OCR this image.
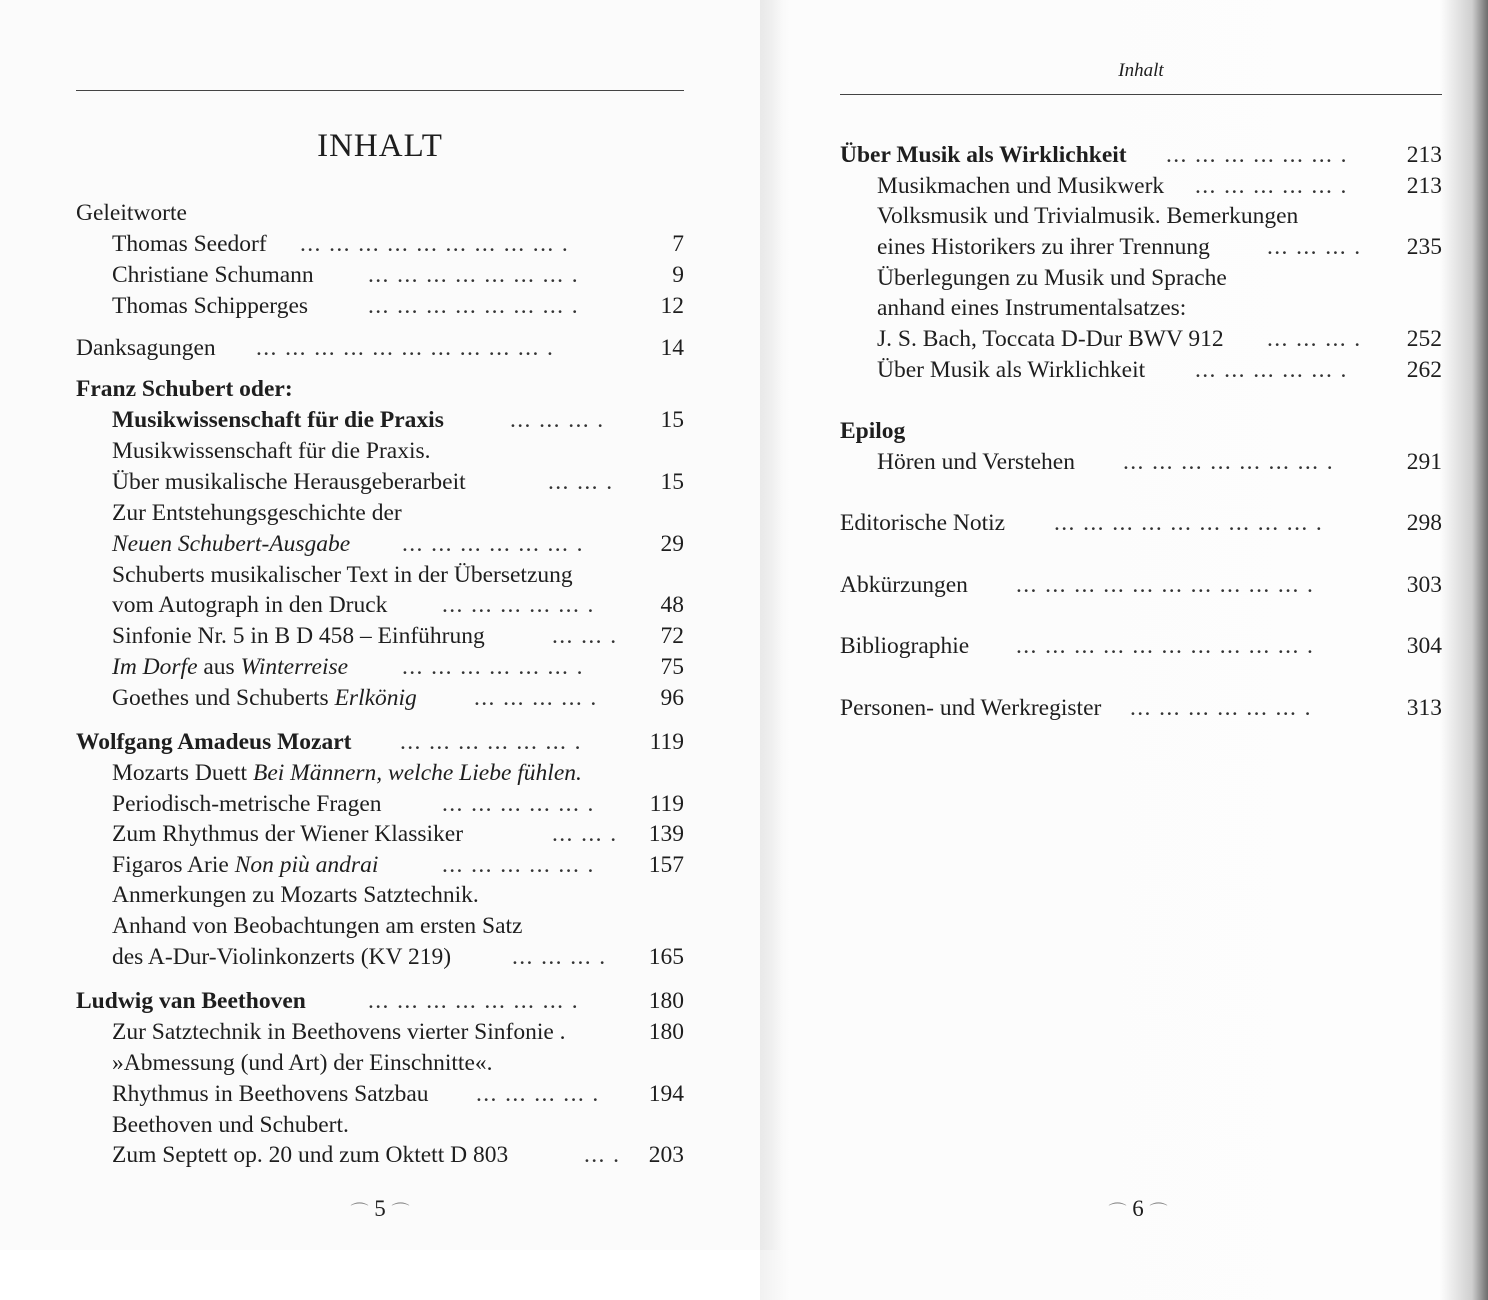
INHALT
Geleitworte
Thomas Seedorf ... ... ... ... ... ... ... ... ... .	7
Christiane Schumann ... ... ... ... ... ... ... .	9
Thomas Schipperges	... ... ... ... ... ... ... .	12
Danksagungen ... ... ... ... ... ... ... ... ... ... .	14
Franz Schubert oder:
Musikwissenschaft für die Praxis	... ... ... .	15
Musikwissenschaft für die Praxis.
Über musikalische Herausgeberarbeit	... ... .	15
Zur Entstehungsgeschichte der
Neuen Schubert-Ausgabe ... ... ... ... ... ... .	29
Schuberts musikalischer Text in der Übersetzung
vom Autograph in den Druck ... ... ... ... ... .	48
Sinfonie Nr. 5 in B D 458 – Einführung	... ... .	72
Im Dorfe aus Winterreise ... ... ... ... ... ... .	75
Goethes und Schuberts Erlkönig ... ... ... ... .	96
Wolfgang Amadeus Mozart ... ... ... ... ... ... .	119
Mozarts Duett Bei Männern, welche Liebe fühlen.
Periodisch-metrische Fragen	... ... ... ... ... .	119
Zum Rhythmus der Wiener Klassiker	... ... .	139
Figaros Arie Non più andrai	... ... ... ... ... .	157
Anmerkungen zu Mozarts Satztechnik.
Anhand von Beobachtungen am ersten Satz
des A-Dur-Violinkonzerts (KV 219)	... ... ... .	165
Ludwig van Beethoven	... ... ... ... ... ... ... .	180
Zur Satztechnik in Beethovens vierter Sinfonie .	180
»Abmessung (und Art) der Einschnitte«.
Rhythmus in Beethovens Satzbau ... ... ... ... .	194
Beethoven und Schubert.
Zum Septett op. 20 und zum Oktett D 803	... .	203
⌒ 5 ⌒
Inhalt
Über Musik als Wirklichkeit ... ... ... ... ... ... .	213
Musikmachen und Musikwerk ... ... ... ... ... .	213
Volksmusik und Trivialmusik. Bemerkungen
eines Historikers zu ihrer Trennung ... ... ... .	235
Überlegungen zu Musik und Sprache
anhand eines Instrumentalsatzes:
J. S. Bach, Toccata D-Dur BWV 912 ... ... ... .	252
Über Musik als Wirklichkeit ... ... ... ... ... .	262
Epilog
Hören und Verstehen ... ... ... ... ... ... ... .	291
Editorische Notiz ... ... ... ... ... ... ... ... ... .	298
Abkürzungen ... ... ... ... ... ... ... ... ... ... .	303
Bibliographie ... ... ... ... ... ... ... ... ... ... .	304
Personen- und Werkregister ... ... ... ... ... ... .	313
⌒ 6 ⌒
